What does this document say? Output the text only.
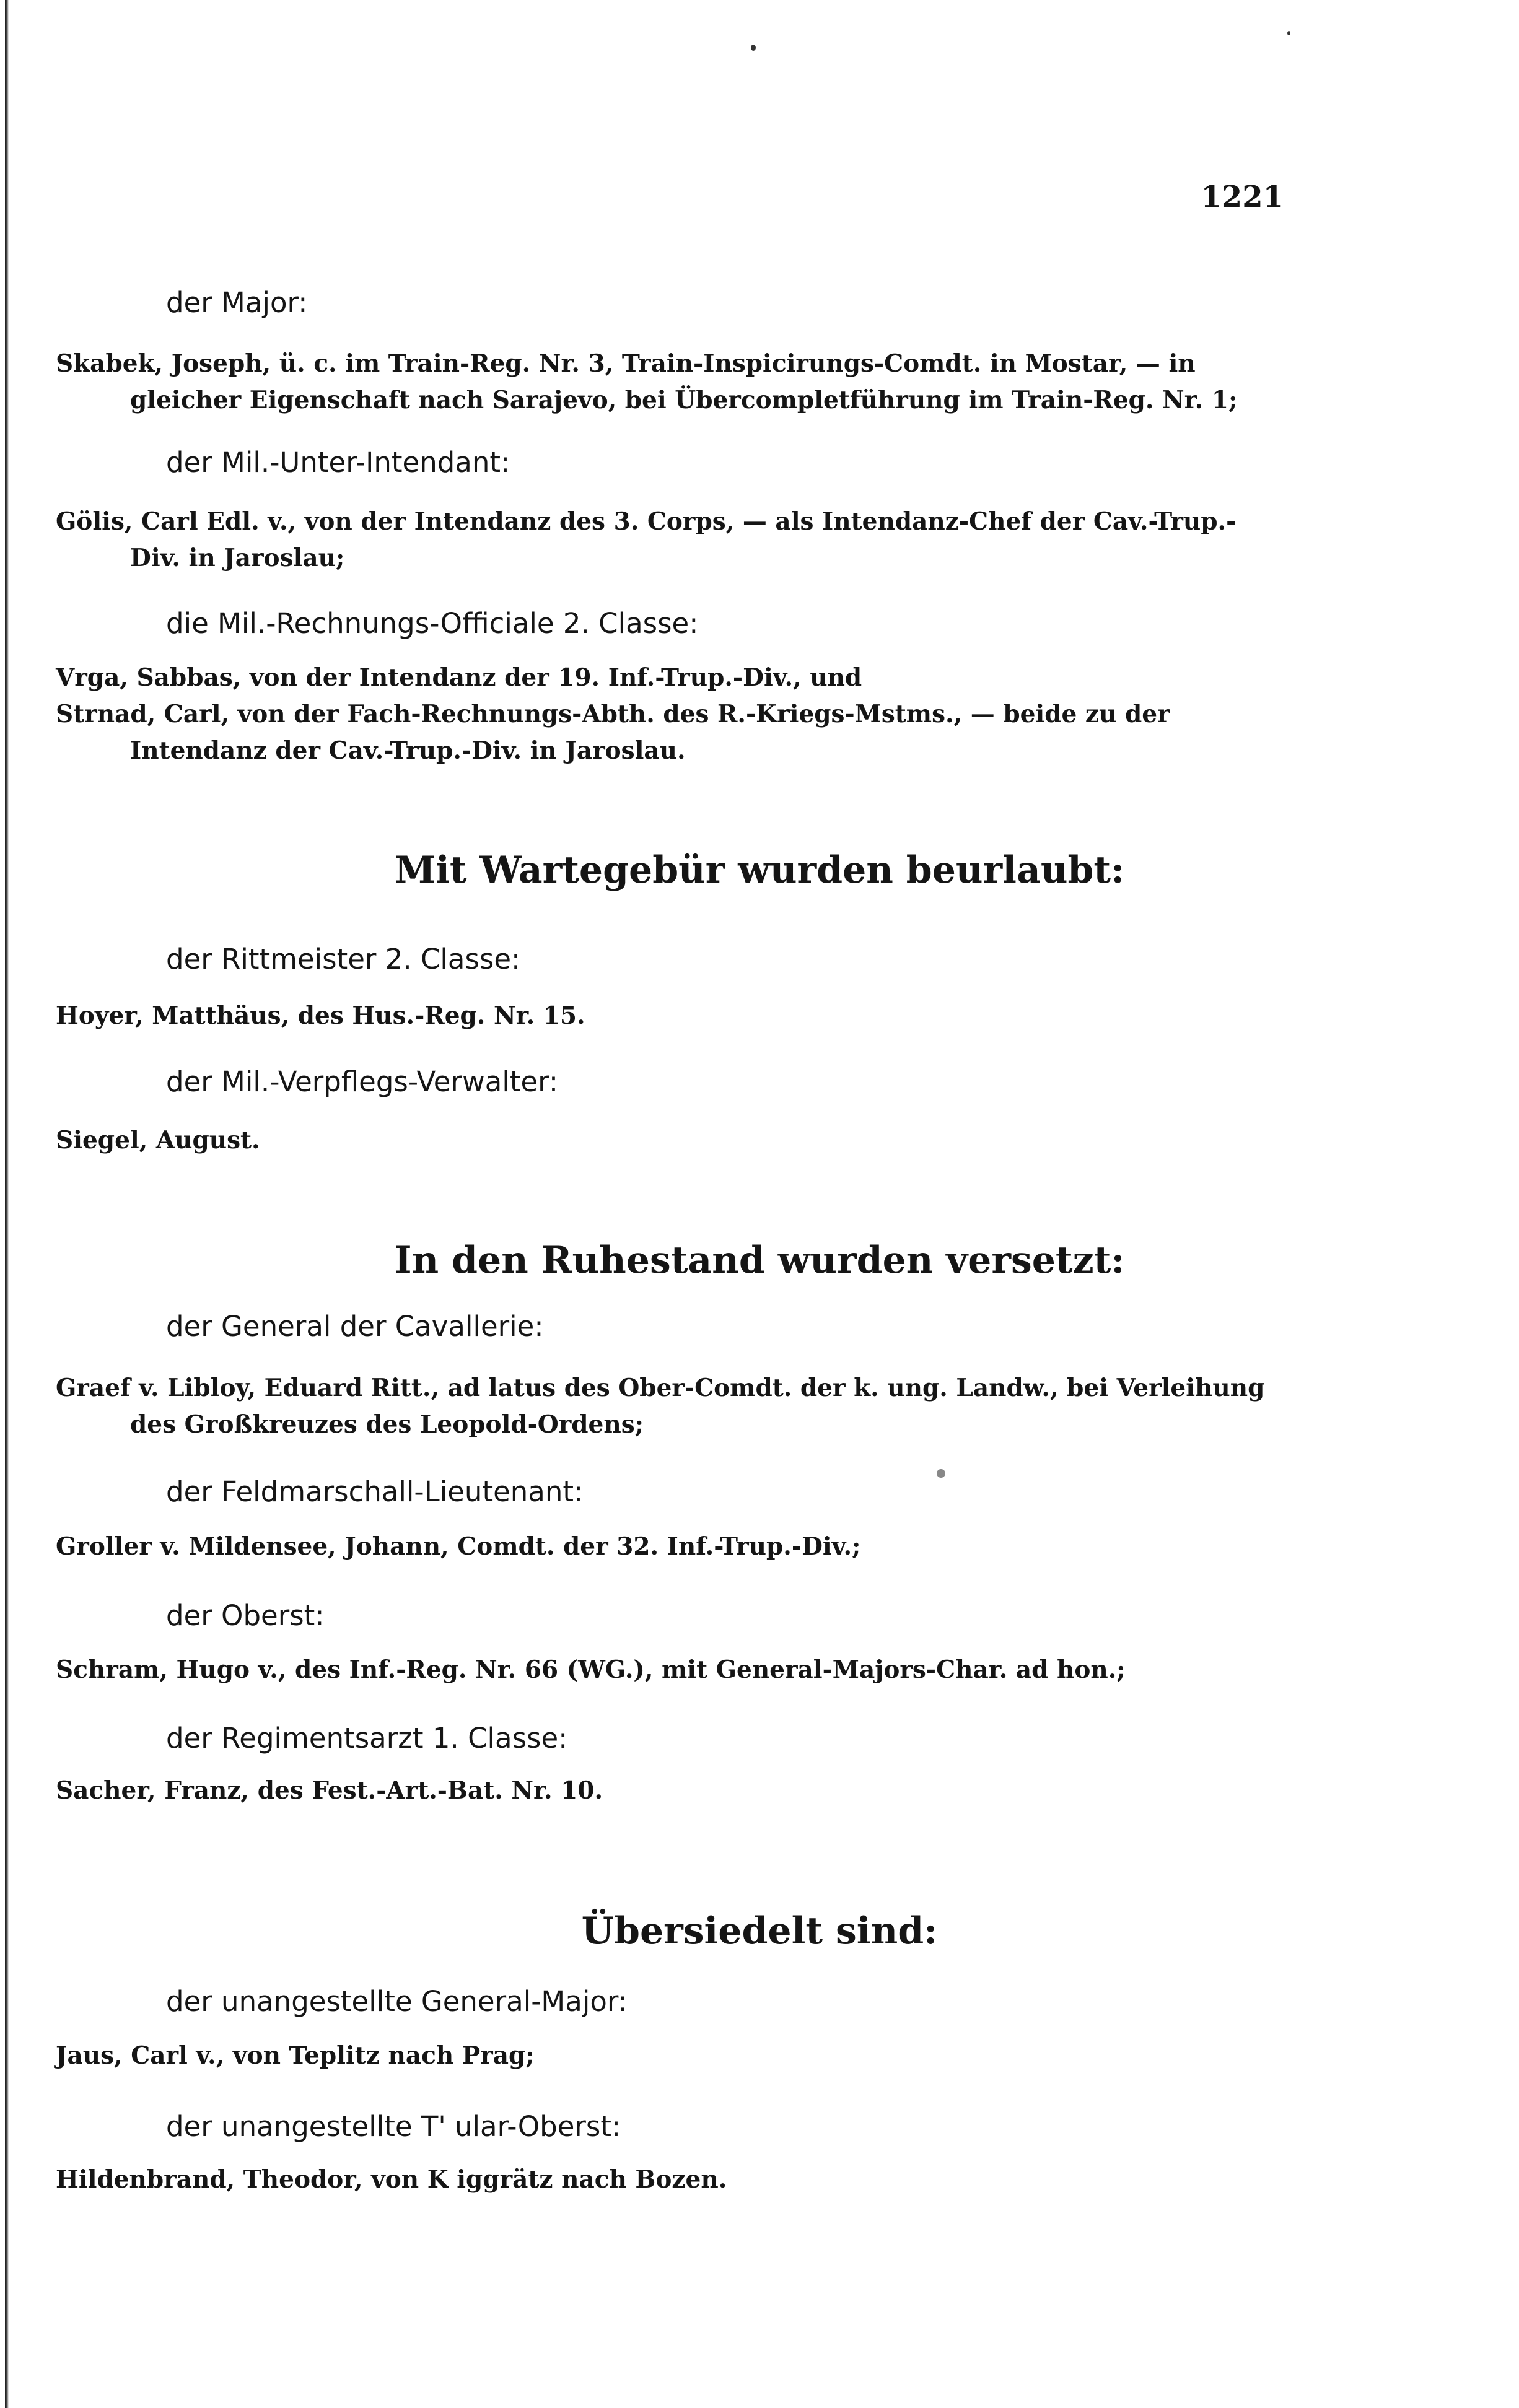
1221
der Major:
Skabek, Joseph, ü. c. im Train-Reg. Nr. 3, Train-Inspicirungs-Comdt. in Mostar, — in
gleicher Eigenschaft nach Sarajevo, bei Übercompletführung im Train-Reg. Nr. 1;
der Mil.-Unter-Intendant:
Gölis, Carl Edl. v., von der Intendanz des 3. Corps, — als Intendanz-Chef der Cav.-Trup.-
Div. in Jaroslau;
die Mil.-Rechnungs-Officiale 2. Classe:
Vrga, Sabbas, von der Intendanz der 19. Inf.-Trup.-Div., und
Strnad, Carl, von der Fach-Rechnungs-Abth. des R.-Kriegs-Mstms., — beide zu der
Intendanz der Cav.-Trup.-Div. in Jaroslau.
Mit Wartegebür wurden beurlaubt:
der Rittmeister 2. Classe:
Hoyer, Matthäus, des Hus.-Reg. Nr. 15.
der Mil.-Verpflegs-Verwalter:
Siegel, August.
In den Ruhestand wurden versetzt:
der General der Cavallerie:
Graef v. Libloy, Eduard Ritt., ad latus des Ober-Comdt. der k. ung. Landw., bei Verleihung
des Großkreuzes des Leopold-Ordens;
der Feldmarschall-Lieutenant:
Groller v. Mildensee, Johann, Comdt. der 32. Inf.-Trup.-Div.;
der Oberst:
Schram, Hugo v., des Inf.-Reg. Nr. 66 (WG.), mit General-Majors-Char. ad hon.;
der Regimentsarzt 1. Classe:
Sacher, Franz, des Fest.-Art.-Bat. Nr. 10.
Übersiedelt sind:
der unangestellte General-Major:
Jaus, Carl v., von Teplitz nach Prag;
der unangestellte T' ular-Oberst:
Hildenbrand, Theodor, von K iggrätz nach Bozen.
